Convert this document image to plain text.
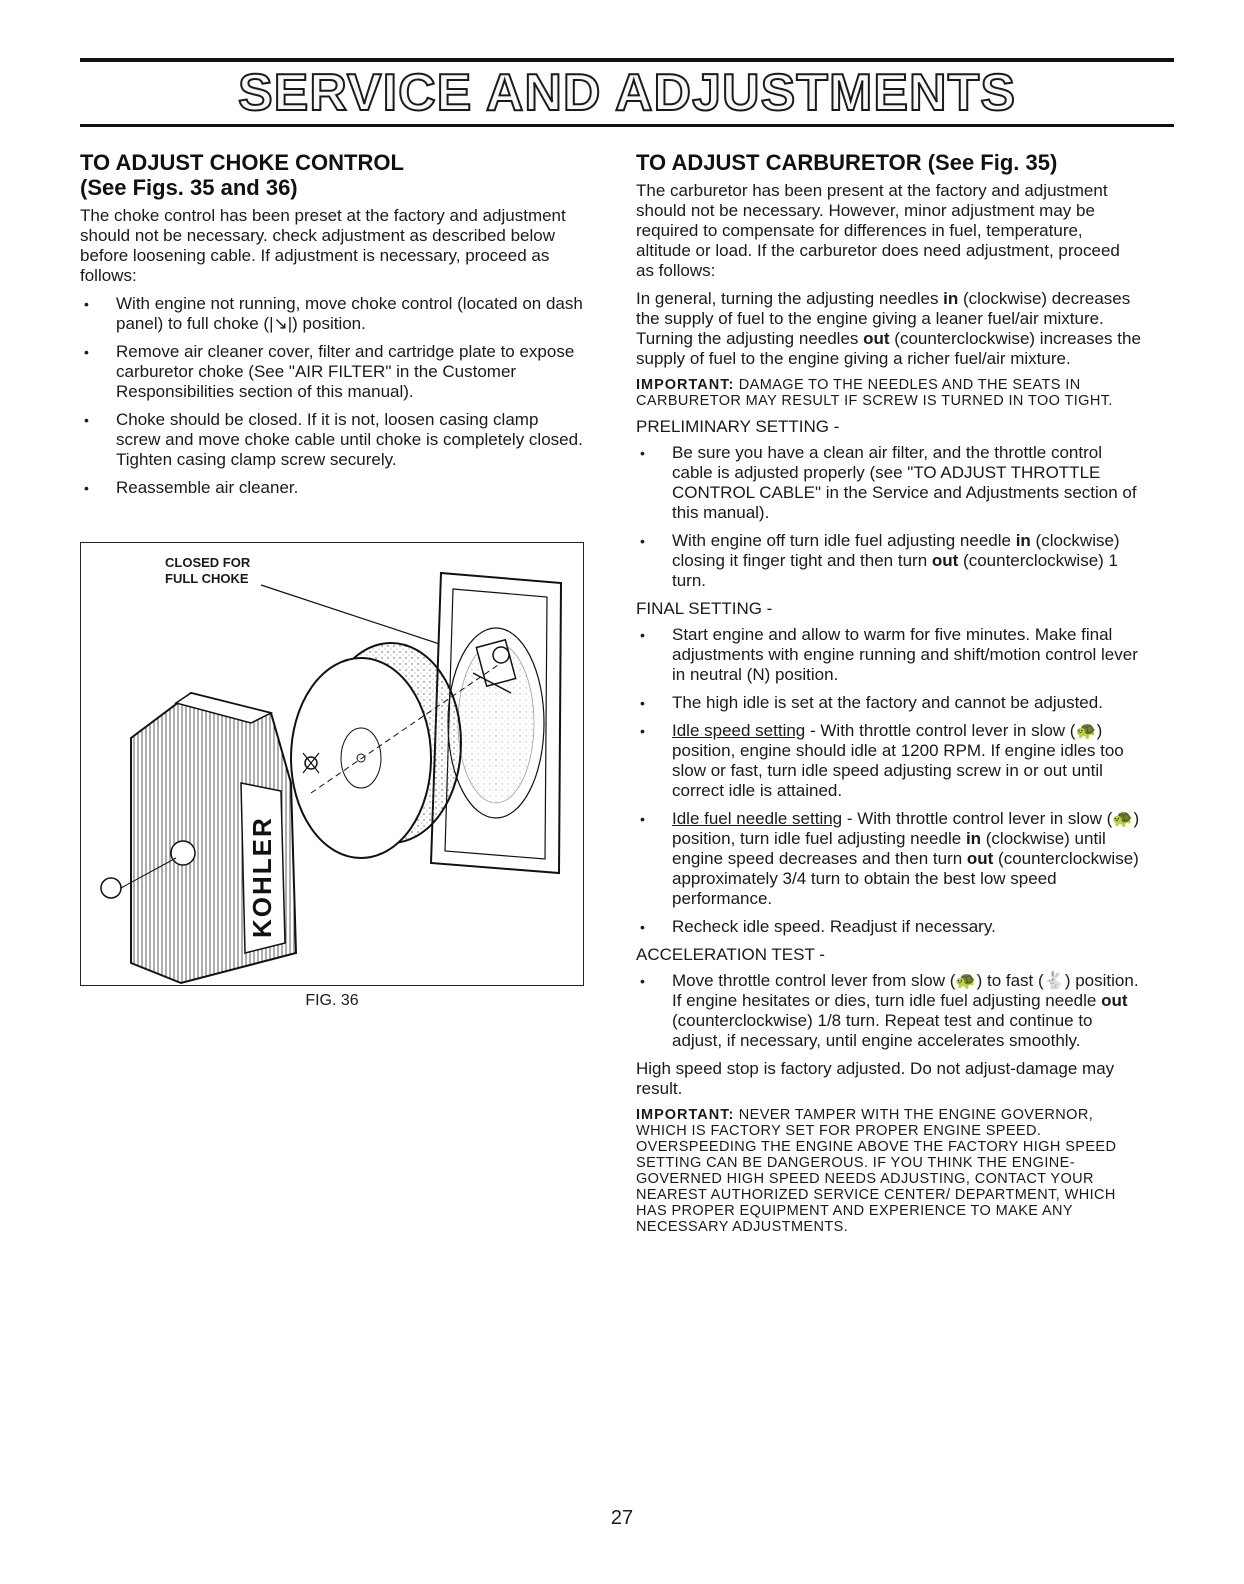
SERVICE AND ADJUSTMENTS
TO ADJUST CHOKE CONTROL
(See Figs. 35 and 36)

The choke control has been preset at the factory and adjustment should not be necessary. check adjustment as described below before loosening cable. If adjustment is necessary, proceed as follows:

• With engine not running, move choke control (located on dash panel) to full choke (|↘|) position.
• Remove air cleaner cover, filter and cartridge plate to expose carburetor choke (See "AIR FILTER" in the Customer Responsibilities section of this manual).
• Choke should be closed. If it is not, loosen casing clamp screw and move choke cable until choke is completely closed. Tighten casing clamp screw securely.
• Reassemble air cleaner.
CLOSED FOR
FULL CHOKE
KOHLER
FIG. 36
TO ADJUST CARBURETOR (See Fig. 35)

The carburetor has been present at the factory and adjustment should not be necessary. However, minor adjustment may be required to compensate for differences in fuel, temperature, altitude or load. If the carburetor does need adjustment, proceed as follows:

In general, turning the adjusting needles in (clockwise) decreases the supply of fuel to the engine giving a leaner fuel/air mixture. Turning the adjusting needles out (counterclockwise) increases the supply of fuel to the engine giving a richer fuel/air mixture.

IMPORTANT: DAMAGE TO THE NEEDLES AND THE SEATS IN CARBURETOR MAY RESULT IF SCREW IS TURNED IN TOO TIGHT.

PRELIMINARY SETTING -
• Be sure you have a clean air filter, and the throttle control cable is adjusted properly (see "TO ADJUST THROTTLE CONTROL CABLE" in the Service and Adjustments section of this manual).
• With engine off turn idle fuel adjusting needle in (clockwise) closing it finger tight and then turn out (counterclockwise) 1 turn.
FINAL SETTING -
• Start engine and allow to warm for five minutes. Make final adjustments with engine running and shift/motion control lever in neutral (N) position.
• The high idle is set at the factory and cannot be adjusted.
• Idle speed setting - With throttle control lever in slow (🐢) position, engine should idle at 1200 RPM. If engine idles too slow or fast, turn idle speed adjusting screw in or out until correct idle is attained.
• Idle fuel needle setting - With throttle control lever in slow (🐢) position, turn idle fuel adjusting needle in (clockwise) until engine speed decreases and then turn out (counterclockwise) approximately 3/4 turn to obtain the best low speed performance.
• Recheck idle speed. Readjust if necessary.
ACCELERATION TEST -
• Move throttle control lever from slow (🐢) to fast (🐇) position. If engine hesitates or dies, turn idle fuel adjusting needle out (counterclockwise) 1/8 turn. Repeat test and continue to adjust, if necessary, until engine accelerates smoothly.

High speed stop is factory adjusted. Do not adjust-damage may result.

IMPORTANT: NEVER TAMPER WITH THE ENGINE GOVERNOR, WHICH IS FACTORY SET FOR PROPER ENGINE SPEED. OVERSPEEDING THE ENGINE ABOVE THE FACTORY HIGH SPEED SETTING CAN BE DANGEROUS. IF YOU THINK THE ENGINE-GOVERNED HIGH SPEED NEEDS ADJUSTING, CONTACT YOUR NEAREST AUTHORIZED SERVICE CENTER/ DEPARTMENT, WHICH HAS PROPER EQUIPMENT AND EXPERIENCE TO MAKE ANY NECESSARY ADJUSTMENTS.

27
